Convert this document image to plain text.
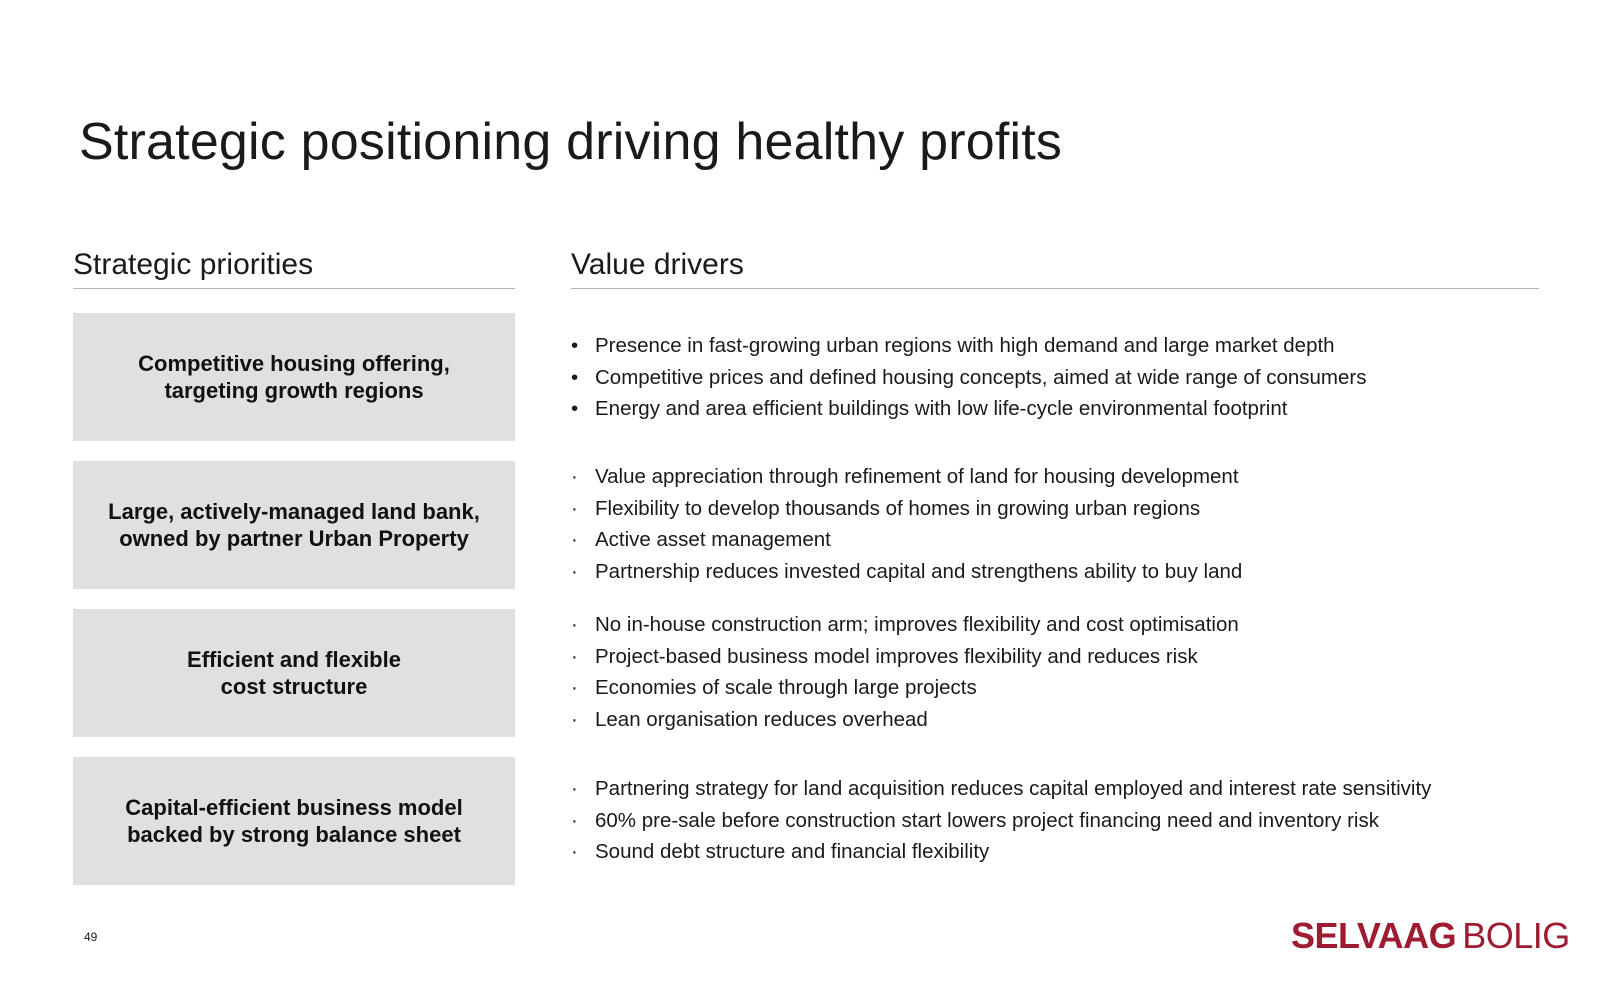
Strategic positioning driving healthy profits
Strategic priorities	Value drivers
Competitive housing offering,
targeting growth regions
Large, actively-managed land bank,
owned by partner Urban Property
Efficient and flexible
cost structure
Capital-efficient business model
backed by strong balance sheet
• Presence in fast-growing urban regions with high demand and large market depth
• Competitive prices and defined housing concepts, aimed at wide range of consumers
• Energy and area efficient buildings with low life-cycle environmental footprint
· Value appreciation through refinement of land for housing development
· Flexibility to develop thousands of homes in growing urban regions
· Active asset management
· Partnership reduces invested capital and strengthens ability to buy land
· No in-house construction arm; improves flexibility and cost optimisation
· Project-based business model improves flexibility and reduces risk
· Economies of scale through large projects
· Lean organisation reduces overhead
· Partnering strategy for land acquisition reduces capital employed and interest rate sensitivity
· 60% pre-sale before construction start lowers project financing need and inventory risk
· Sound debt structure and financial flexibility
49	SELVAAG BOLIG
